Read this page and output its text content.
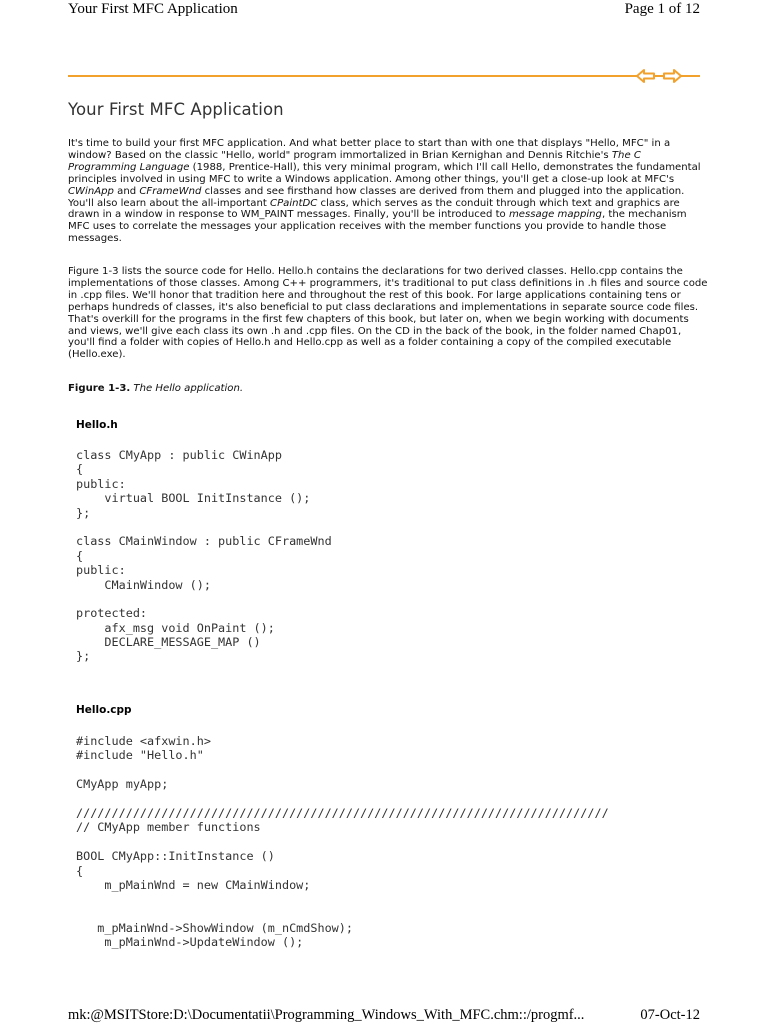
Your First MFC Application	Page 1 of 12
Your First MFC Application

It's time to build your first MFC application. And what better place to start than with one that displays "Hello, MFC" in a window? Based on the classic "Hello, world" program immortalized in Brian Kernighan and Dennis Ritchie's The C Programming Language (1988, Prentice-Hall), this very minimal program, which I'll call Hello, demonstrates the fundamental principles involved in using MFC to write a Windows application. Among other things, you'll get a close-up look at MFC's CWinApp and CFrameWnd classes and see firsthand how classes are derived from them and plugged into the application. You'll also learn about the all-important CPaintDC class, which serves as the conduit through which text and graphics are drawn in a window in response to WM_PAINT messages. Finally, you'll be introduced to message mapping, the mechanism MFC uses to correlate the messages your application receives with the member functions you provide to handle those messages.

Figure 1-3 lists the source code for Hello. Hello.h contains the declarations for two derived classes. Hello.cpp contains the implementations of those classes. Among C++ programmers, it's traditional to put class definitions in .h files and source code in .cpp files. We'll honor that tradition here and throughout the rest of this book. For large applications containing tens or perhaps hundreds of classes, it's also beneficial to put class declarations and implementations in separate source code files. That's overkill for the programs in the first few chapters of this book, but later on, when we begin working with documents and views, we'll give each class its own .h and .cpp files. On the CD in the back of the book, in the folder named Chap01, you'll find a folder with copies of Hello.h and Hello.cpp as well as a folder containing a copy of the compiled executable (Hello.exe).

Figure 1-3. The Hello application.
Hello.h
class CMyApp : public CWinApp
{
public:
virtual BOOL InitInstance ();
};
class CMainWindow : public CFrameWnd
{
public:
CMainWindow ();
protected:
afx_msg void OnPaint ();
DECLARE_MESSAGE_MAP ()
};
Hello.cpp
#include <afxwin.h>
#include "Hello.h"
CMyApp myApp;
///////////////////////////////////////////////////////////////////////////
// CMyApp member functions
BOOL CMyApp::InitInstance ()
{
m_pMainWnd = new CMainWindow;
m_pMainWnd->ShowWindow (m_nCmdShow);
m_pMainWnd->UpdateWindow ();
mk:@MSITStore:D:\Documentatii\Programming_Windows_With_MFC.chm::/progmf...	07-Oct-12
